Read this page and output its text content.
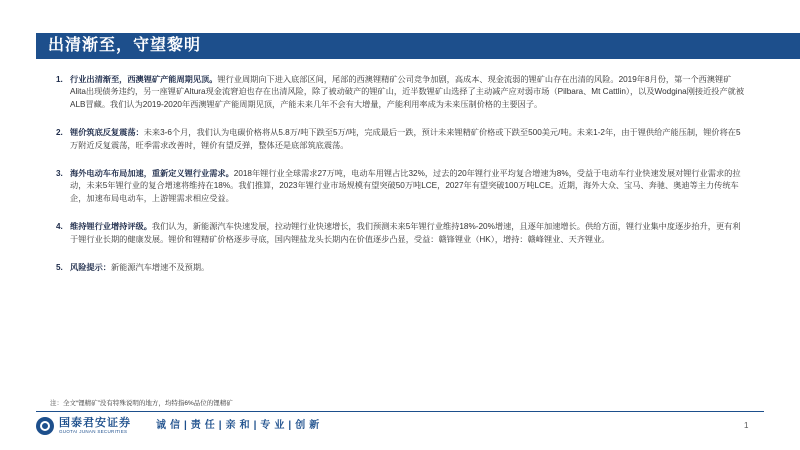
出清渐至，守望黎明
1. 行业出清渐至，西澳锂矿产能周期见顶。锂行业周期向下进入底部区间，尾部的西澳锂精矿公司竞争加剧，高成本、现金流弱的锂矿山存在出清的风险。2019年8月份，第一个西澳锂矿Alita出现债务违约，另一座锂矿Altura现金流窘迫也存在出清风险，除了被动破产的锂矿山，近半数锂矿山选择了主动减产应对弱市场（Pilbara、Mt Cattlin），以及Wodgina刚接近投产就被ALB冒藏。我们认为2019-2020年西澳锂矿产能周期见顶，产能未来几年不会有大增量，产能利用率成为未来压制价格的主要因子。
2. 锂价筑底反复震荡：未来3-6个月，我们认为电碳价格将从5.8万/吨下跌至5万/吨，完成最后一跌，预计未来锂精矿价格或下跌至500美元/吨。未来1-2年，由于锂供给产能压制，锂价将在5万附近反复震荡，旺季需求改善时，锂价有望反弹，整体还是底部筑底震荡。
3. 海外电动车布局加速，重新定义锂行业需求。2018年锂行业全球需求27万吨，电动车用锂占比32%，过去的20年锂行业平均复合增速为8%，受益于电动车行业快速发展对锂行业需求的拉动，未来5年锂行业的复合增速将维持在18%。我们推算，2023年锂行业市场规模有望突破50万吨LCE，2027年有望突破100万吨LCE。近期，海外大众、宝马、奔驰、奥迪等主力传统车企，加速布局电动车，上游锂需求相应受益。
4. 维持锂行业增持评级。我们认为，新能源汽车快速发展，拉动锂行业快速增长，我们预测未来5年锂行业维持18%-20%增速，且逐年加速增长。供给方面，锂行业集中度逐步抬升，更有利于锂行业长期的健康发展。锂价和锂精矿价格逐步寻底，国内锂盐龙头长期内在价值逐步凸显，受益：赣锋锂业（HK），增持：赣峰锂业、天齐锂业。
5. 风险提示：新能源汽车增速不及预期。
注：全文“锂精矿”没有特殊说明的地方，均特指6%品位的锂精矿
国泰君安证券
GUOTAI JUNAN SECURITIES
诚信|责任|亲和|专业|创新	1
